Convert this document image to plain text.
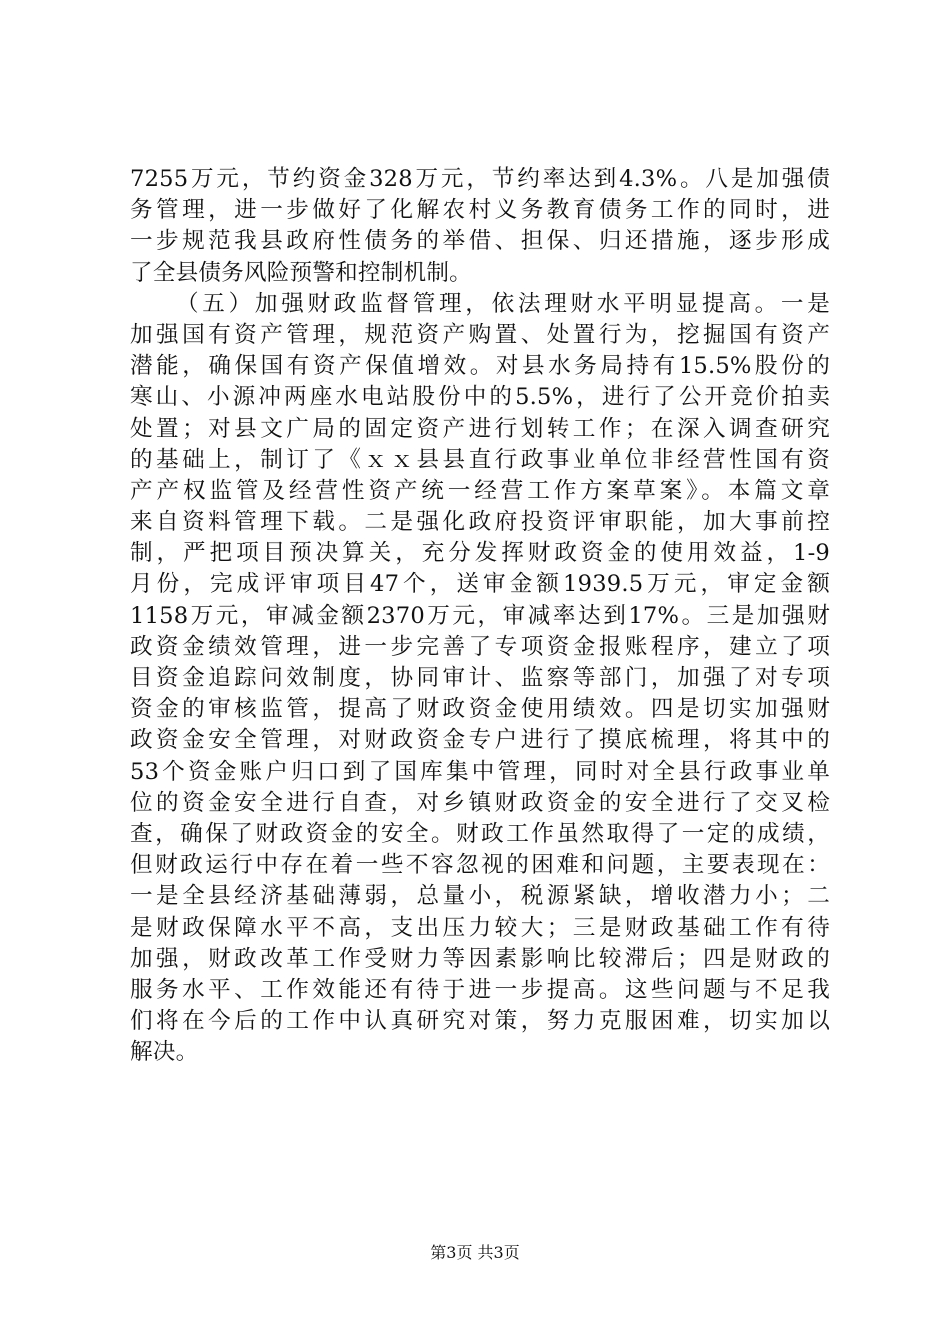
7255万元，节约资金328万元，节约率达到4.3%。八是加强债
务管理，进一步做好了化解农村义务教育债务工作的同时，进
一步规范我县政府性债务的举借、担保、归还措施，逐步形成
了全县债务风险预警和控制机制。
（五）加强财政监督管理，依法理财水平明显提高。一是
加强国有资产管理，规范资产购置、处置行为，挖掘国有资产
潜能，确保国有资产保值增效。对县水务局持有15.5%股份的
寒山、小源冲两座水电站股份中的5.5%，进行了公开竞价拍卖
处置；对县文广局的固定资产进行划转工作；在深入调查研究
的基础上，制订了《ｘｘ县县直行政事业单位非经营性国有资
产产权监管及经营性资产统一经营工作方案草案》。本篇文章
来自资料管理下载。二是强化政府投资评审职能，加大事前控
制，严把项目预决算关，充分发挥财政资金的使用效益，1-9
月份，完成评审项目47个，送审金额1939.5万元，审定金额
1158万元，审减金额2370万元，审减率达到17%。三是加强财
政资金绩效管理，进一步完善了专项资金报账程序，建立了项
目资金追踪问效制度，协同审计、监察等部门，加强了对专项
资金的审核监管，提高了财政资金使用绩效。四是切实加强财
政资金安全管理，对财政资金专户进行了摸底梳理，将其中的
53个资金账户归口到了国库集中管理，同时对全县行政事业单
位的资金安全进行自查，对乡镇财政资金的安全进行了交叉检
查，确保了财政资金的安全。财政工作虽然取得了一定的成绩，
但财政运行中存在着一些不容忽视的困难和问题，主要表现在：
一是全县经济基础薄弱，总量小，税源紧缺，增收潜力小；二
是财政保障水平不高，支出压力较大；三是财政基础工作有待
加强，财政改革工作受财力等因素影响比较滞后；四是财政的
服务水平、工作效能还有待于进一步提高。这些问题与不足我
们将在今后的工作中认真研究对策，努力克服困难，切实加以
解决。
第3页 共3页
